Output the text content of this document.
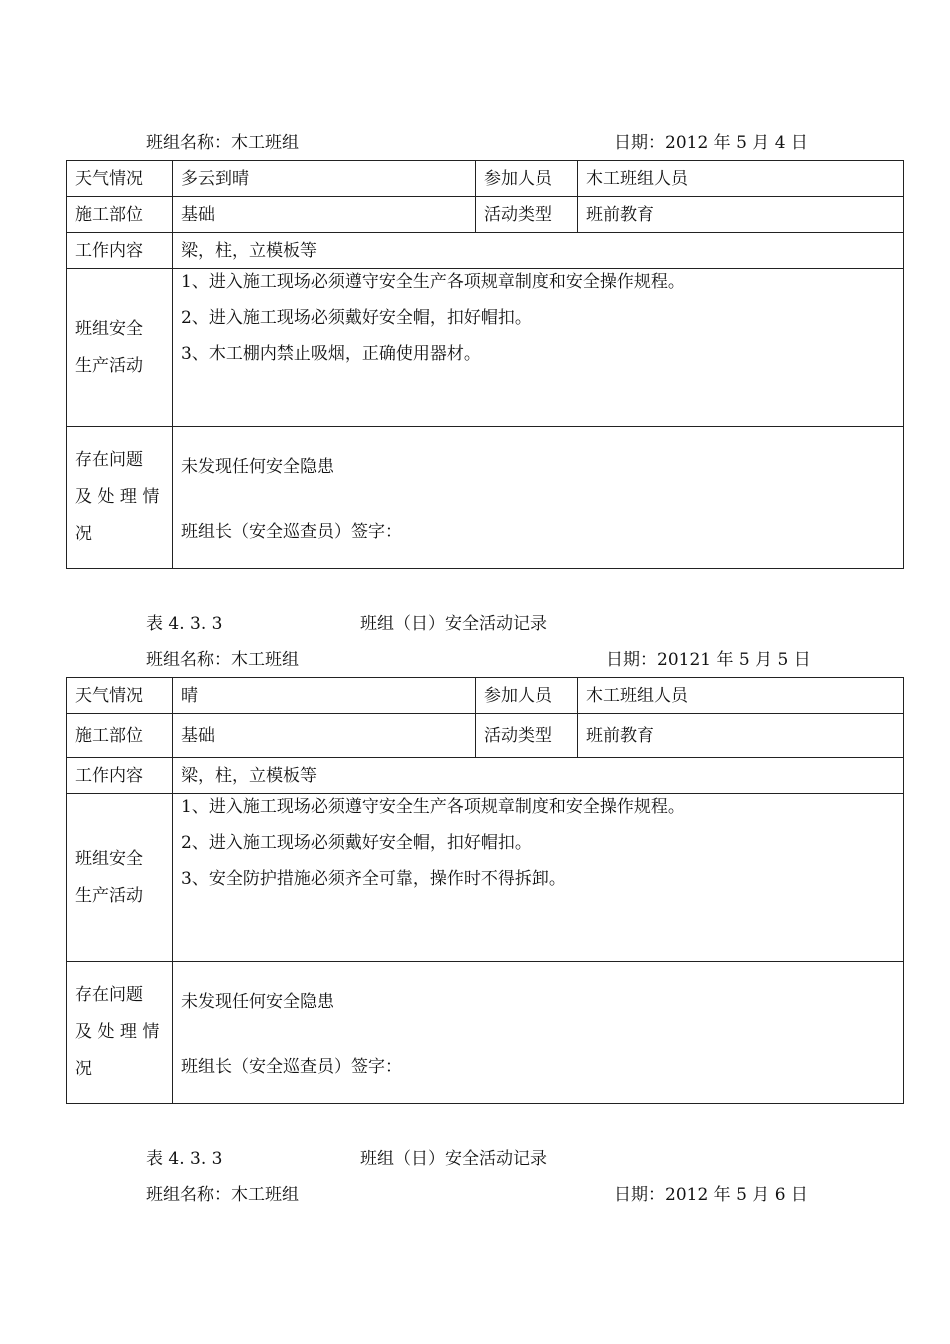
班组名称：木工班组	日期：2012 年 5 月 4 日
天气情况	多云到晴	参加人员	木工班组人员
施工部位	基础	活动类型	班前教育
工作内容	梁，柱，立模板等		

班组安全
生产活动	1、进入施工现场必须遵守安全生产各项规章制度和安全操作规程。
2、进入施工现场必须戴好安全帽，扣好帽扣。
3、木工棚内禁止吸烟，正确使用器材。		

存在问题
及处理情
况	未发现任何安全隐患
班组长（安全巡查员）签字：		
表 4. 3. 3	班组（日）安全活动记录
班组名称：木工班组	日期：20121 年 5 月 5 日
天气情况	晴	参加人员	木工班组人员
施工部位	基础	活动类型	班前教育
工作内容	梁，柱，立模板等		

班组安全
生产活动	1、进入施工现场必须遵守安全生产各项规章制度和安全操作规程。
2、进入施工现场必须戴好安全帽，扣好帽扣。
3、安全防护措施必须齐全可靠，操作时不得拆卸。		

存在问题
及处理情
况	未发现任何安全隐患
班组长（安全巡查员）签字：		
表 4. 3. 3	班组（日）安全活动记录
班组名称：木工班组	日期：2012 年 5 月 6 日
